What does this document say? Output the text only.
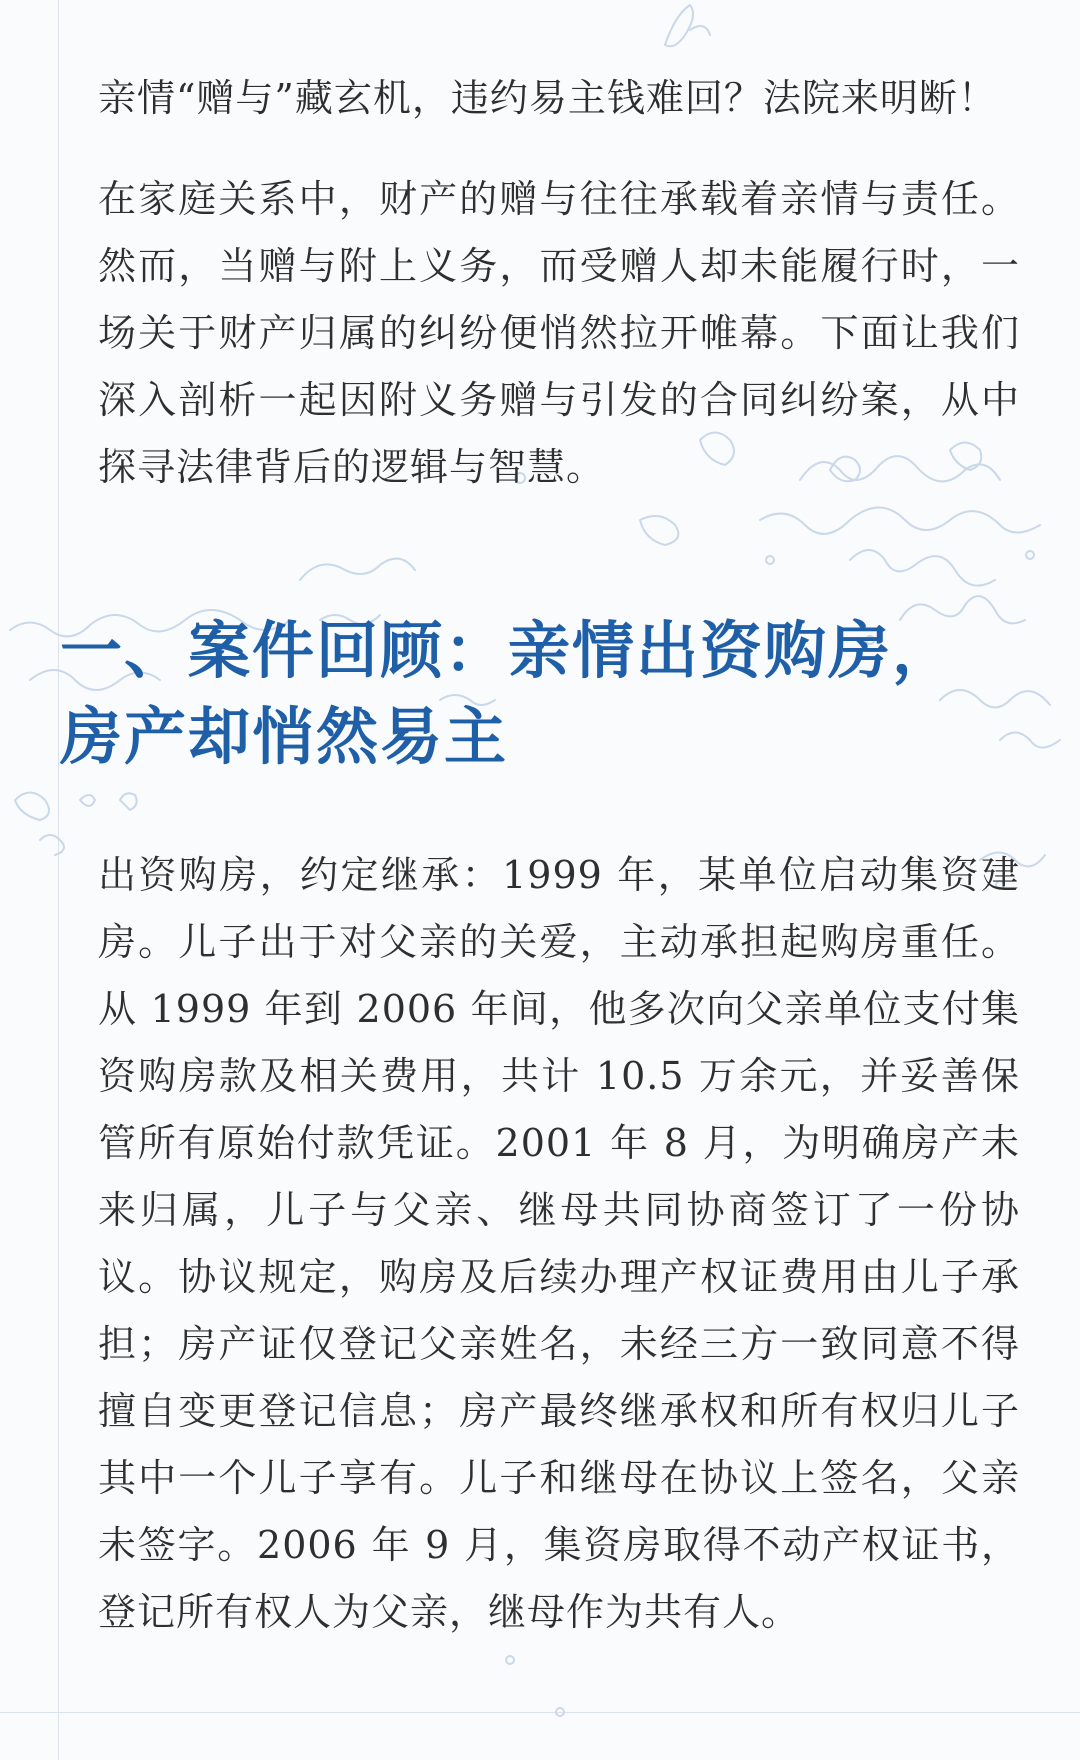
亲情“赠与”藏玄机，违约易主钱难回？法院来明断！

在家庭关系中，财产的赠与往往承载着亲情与责任。然而，当赠与附上义务，而受赠人却未能履行时，一场关于财产归属的纠纷便悄然拉开帷幕。下面让我们深入剖析一起因附义务赠与引发的合同纠纷案，从中探寻法律背后的逻辑与智慧。

一、案件回顾：亲情出资购房，
房产却悄然易主

出资购房，约定继承：1999 年，某单位启动集资建房。儿子出于对父亲的关爱，主动承担起购房重任。从 1999 年到 2006 年间，他多次向父亲单位支付集资购房款及相关费用，共计 10.5 万余元，并妥善保管所有原始付款凭证。2001 年 8 月，为明确房产未来归属，儿子与父亲、继母共同协商签订了一份协议。协议规定，购房及后续办理产权证费用由儿子承担；房产证仅登记父亲姓名，未经三方一致同意不得擅自变更登记信息；房产最终继承权和所有权归儿子其中一个儿子享有。儿子和继母在协议上签名，父亲未签字。2006 年 9 月，集资房取得不动产权证书，登记所有权人为父亲，继母作为共有人。
